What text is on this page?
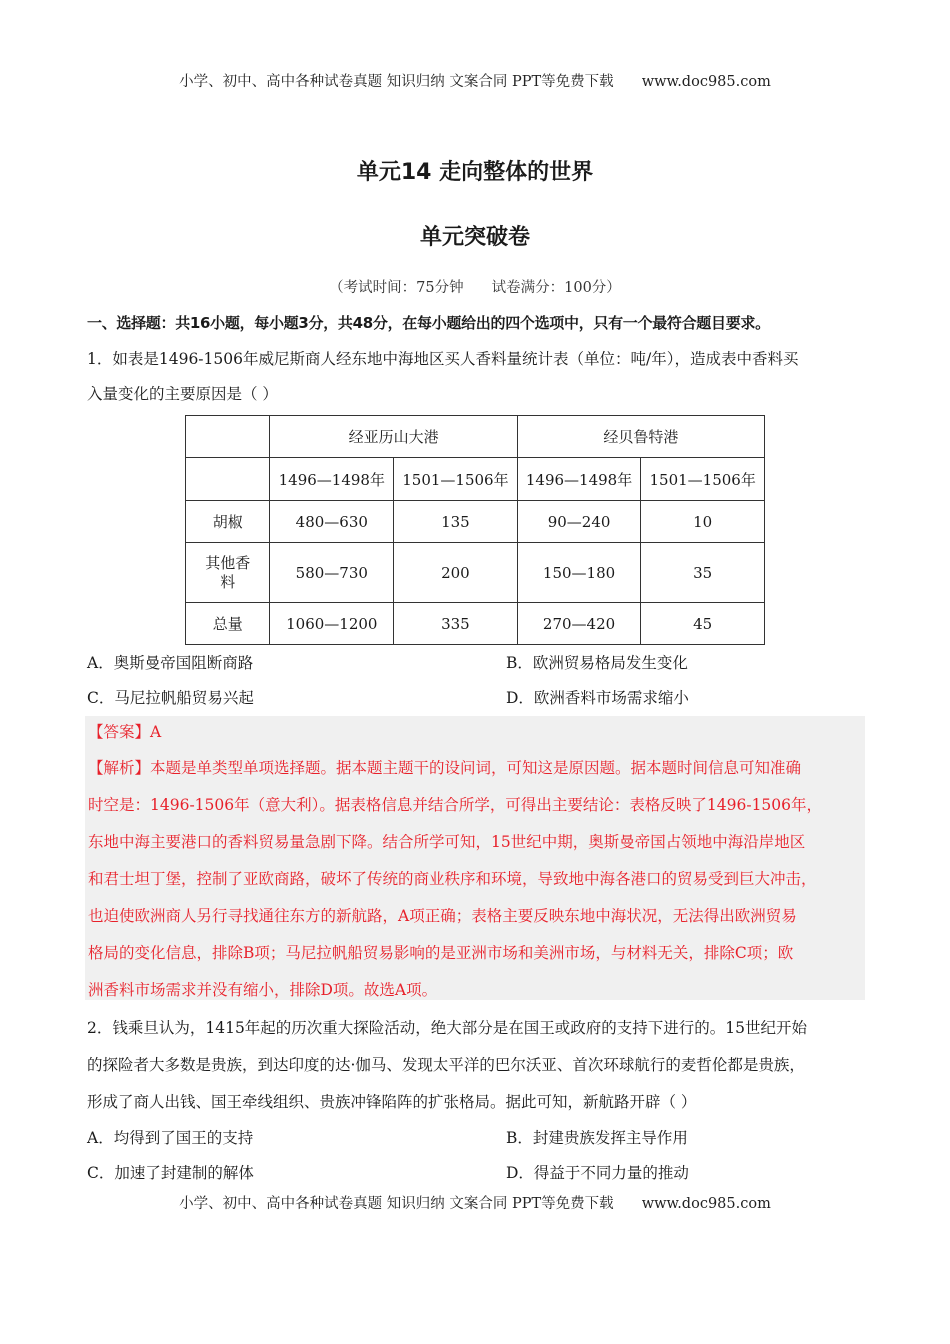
小学、初中、高中各种试卷真题 知识归纳 文案合同 PPT等免费下载 www.doc985.com
单元14 走向整体的世界
单元突破卷
（考试时间：75分钟 试卷满分：100分）
一、选择题：共16小题，每小题3分，共48分，在每小题给出的四个选项中，只有一个最符合题目要求。
1．如表是1496-1506年威尼斯商人经东地中海地区买人香料量统计表（单位：吨/年），造成表中香料买
入量变化的主要原因是（ ）
	经亚历山大港		经贝鲁特港	
	1496—1498年	1501—1506年	1496—1498年	1501—1506年
胡椒	480—630	135	90—240	10
其他香料	580—730	200	150—180	35
总量	1060—1200	335	270—420	45
A．奥斯曼帝国阻断商路	B．欧洲贸易格局发生变化
C．马尼拉帆船贸易兴起	D．欧洲香料市场需求缩小
【答案】A
【解析】本题是单类型单项选择题。据本题主题干的设问词，可知这是原因题。据本题时间信息可知准确
时空是：1496-1506年（意大利）。据表格信息并结合所学，可得出主要结论：表格反映了1496-1506年，
东地中海主要港口的香料贸易量急剧下降。结合所学可知，15世纪中期，奥斯曼帝国占领地中海沿岸地区
和君士坦丁堡，控制了亚欧商路，破坏了传统的商业秩序和环境，导致地中海各港口的贸易受到巨大冲击，
也迫使欧洲商人另行寻找通往东方的新航路，A项正确；表格主要反映东地中海状况，无法得出欧洲贸易
格局的变化信息，排除B项；马尼拉帆船贸易影响的是亚洲市场和美洲市场，与材料无关，排除C项；欧
洲香料市场需求并没有缩小，排除D项。故选A项。
2．钱乘旦认为，1415年起的历次重大探险活动，绝大部分是在国王或政府的支持下进行的。15世纪开始
的探险者大多数是贵族，到达印度的达·伽马、发现太平洋的巴尔沃亚、首次环球航行的麦哲伦都是贵族，
形成了商人出钱、国王牵线组织、贵族冲锋陷阵的扩张格局。据此可知，新航路开辟（ ）
A．均得到了国王的支持	B．封建贵族发挥主导作用
C．加速了封建制的解体	D．得益于不同力量的推动
小学、初中、高中各种试卷真题 知识归纳 文案合同 PPT等免费下载 www.doc985.com
